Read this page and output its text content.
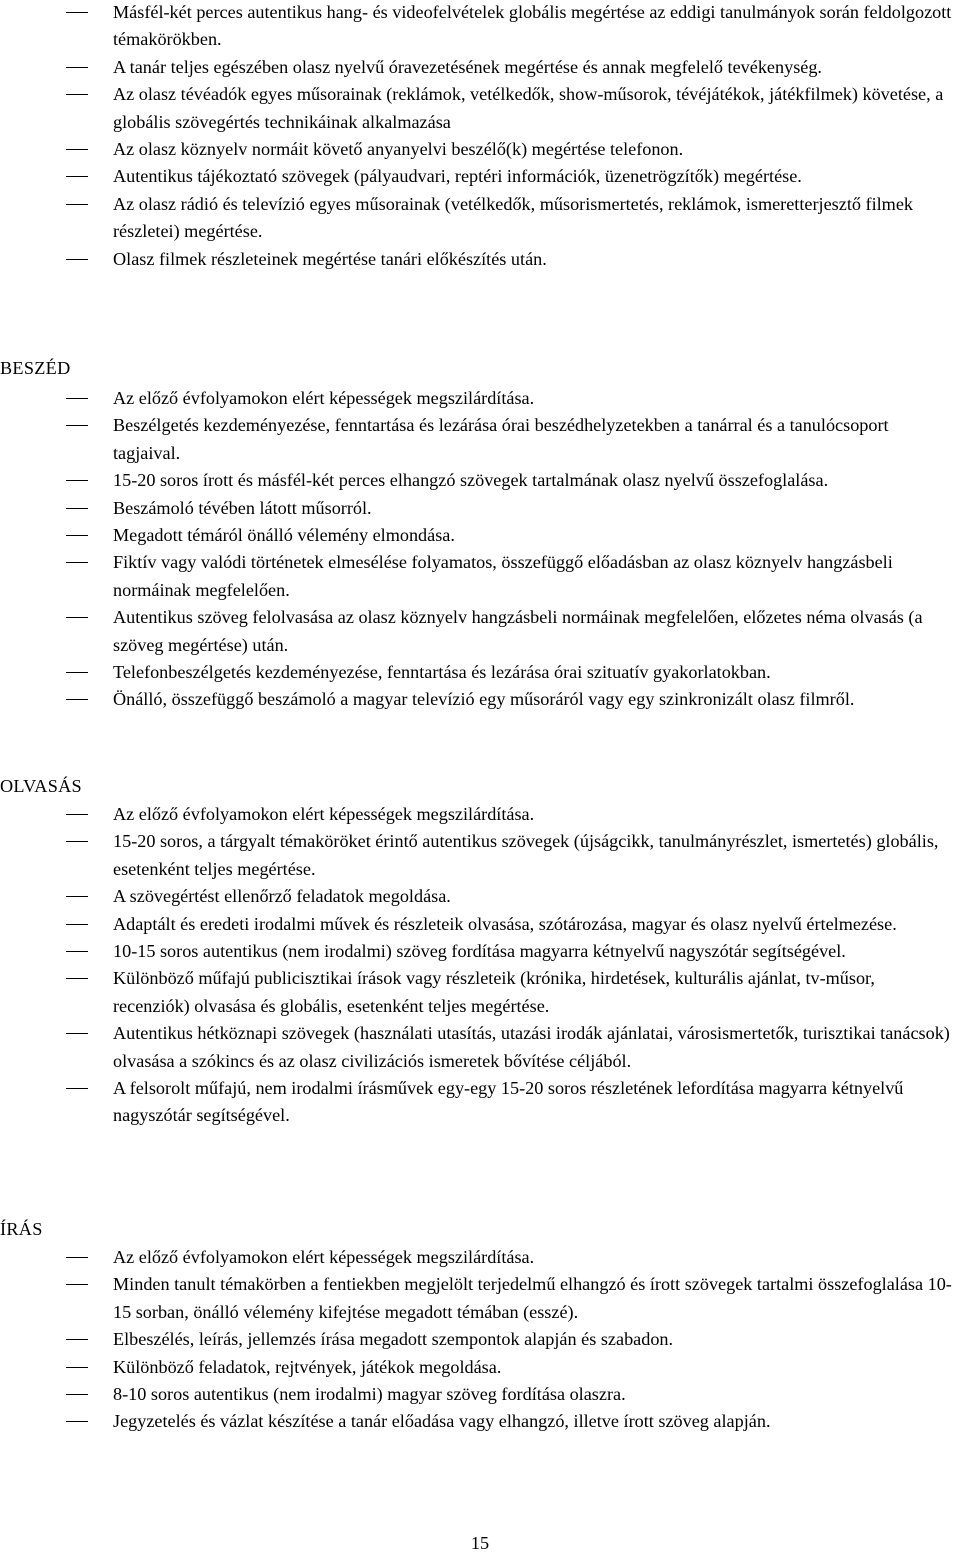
Másfél-két perces autentikus hang- és videofelvételek globális megértése az eddigi tanulmányok során feldolgozott témakörökben.
A tanár teljes egészében olasz nyelvű óravezetésének megértése és annak megfelelő tevékenység.
Az olasz tévéadók egyes műsorainak (reklámok, vetélkedők, show-műsorok, tévéjátékok, játékfilmek) követése, a globális szövegértés technikáinak alkalmazása
Az olasz köznyelv normáit követő anyanyelvi beszélő(k) megértése telefonon.
Autentikus tájékoztató szövegek (pályaudvari, reptéri információk, üzenetrögzítők) megértése.
Az olasz rádió és televízió egyes műsorainak (vetélkedők, műsorismertetés, reklámok, ismeretterjesztő filmek részletei) megértése.
Olasz filmek részleteinek megértése tanári előkészítés után.
BESZÉD
Az előző évfolyamokon elért képességek megszilárdítása.
Beszélgetés kezdeményezése, fenntartása és lezárása órai beszédhelyzetekben a tanárral és a tanulócsoport tagjaival.
15-20 soros írott és másfél-két perces elhangzó szövegek tartalmának olasz nyelvű összefoglalása.
Beszámoló tévében látott műsorról.
Megadott témáról önálló vélemény elmondása.
Fiktív vagy valódi történetek elmesélése folyamatos, összefüggő előadásban az olasz köznyelv hangzásbeli normáinak megfelelően.
Autentikus szöveg felolvasása az olasz köznyelv hangzásbeli normáinak megfelelően, előzetes néma olvasás (a szöveg megértése) után.
Telefonbeszélgetés kezdeményezése, fenntartása és lezárása órai szituatív gyakorlatokban.
Önálló, összefüggő beszámoló a magyar televízió egy műsoráról vagy egy szinkronizált olasz filmről.
OLVASÁS
Az előző évfolyamokon elért képességek megszilárdítása.
15-20 soros, a tárgyalt témaköröket érintő autentikus szövegek (újságcikk, tanulmányrészlet, ismertetés) globális, esetenként teljes megértése.
A szövegértést ellenőrző feladatok megoldása.
Adaptált és eredeti irodalmi művek és részleteik olvasása, szótározása, magyar és olasz nyelvű értelmezése.
10-15 soros autentikus (nem irodalmi) szöveg fordítása magyarra kétnyelvű nagyszótár segítségével.
Különböző műfajú publicisztikai írások vagy részleteik (krónika, hirdetések, kulturális ajánlat, tv-műsor, recenziók) olvasása és globális, esetenként teljes megértése.
Autentikus hétköznapi szövegek (használati utasítás, utazási irodák ajánlatai, városismertetők, turisztikai tanácsok) olvasása a szókincs és az olasz civilizációs ismeretek bővítése céljából.
A felsorolt műfajú, nem irodalmi írásművek egy-egy 15-20 soros részletének lefordítása magyarra kétnyelvű nagyszótár segítségével.
ÍRÁS
Az előző évfolyamokon elért képességek megszilárdítása.
Minden tanult témakörben a fentiekben megjelölt terjedelmű elhangzó és írott szövegek tartalmi összefoglalása 10-15 sorban, önálló vélemény kifejtése megadott témában (esszé).
Elbeszélés, leírás, jellemzés írása megadott szempontok alapján és szabadon.
Különböző feladatok, rejtvények, játékok megoldása.
8-10 soros autentikus (nem irodalmi) magyar szöveg fordítása olaszra.
Jegyzetelés és vázlat készítése a tanár előadása vagy elhangzó, illetve írott szöveg alapján.
15
